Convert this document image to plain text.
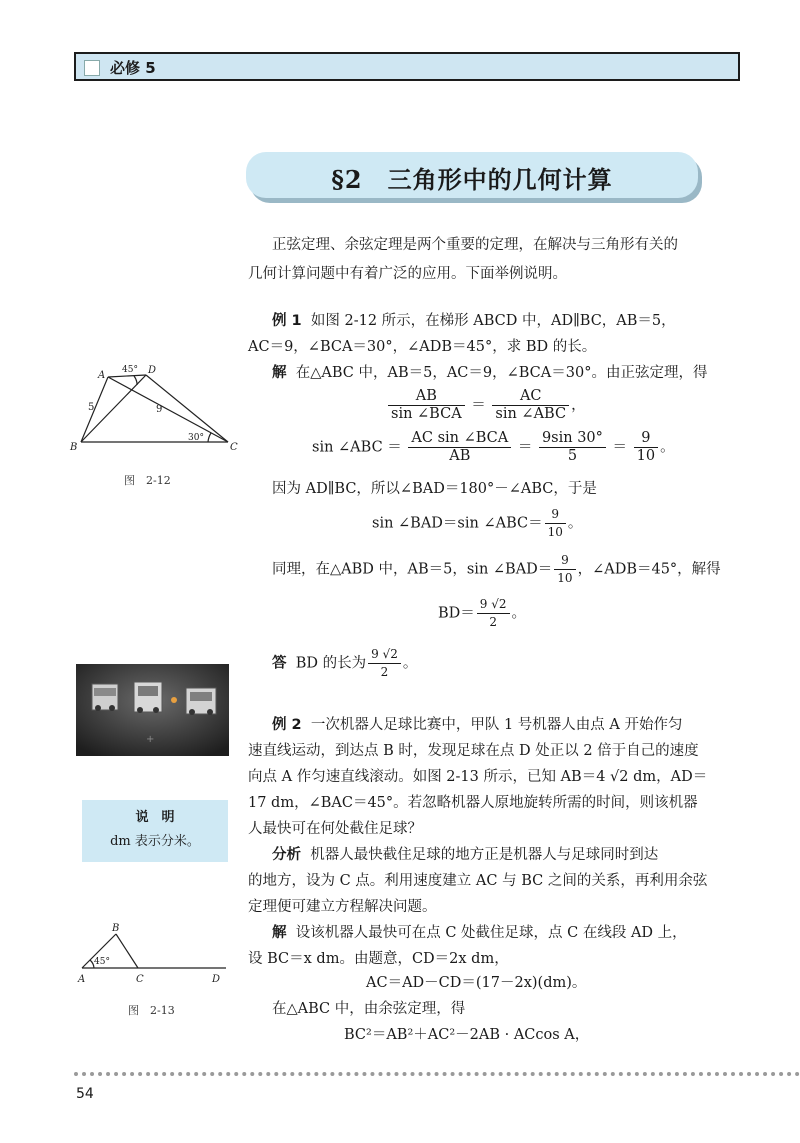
必修 5
§2　三角形中的几何计算
正弦定理、余弦定理是两个重要的定理，在解决与三角形有关的
几何计算问题中有着广泛的应用。下面举例说明。
例 1 如图 2-12 所示，在梯形 ABCD 中，AD∥BC，AB＝5，
AC＝9，∠BCA＝30°，∠ADB＝45°，求 BD 的长。
解 在△ABC 中，AB＝5，AC＝9，∠BCA＝30°。由正弦定理，得
$\frac{AB}{\text{sin ∠BCA}} = \frac{AC}{\text{sin ∠ABC}}$ ，
sin ∠ABC ＝ $\frac{\text{AC sin ∠BCA}}{AB} = \frac{9\sin 30^\circ}{5} = \frac{9}{10}$ 。
因为 AD∥BC，所以∠BAD＝180°－∠ABC，于是
sin ∠BAD＝sin ∠ABC＝ $\frac{9}{10}$ 。
同理，在△ABD 中，AB＝5，sin ∠BAD＝ $\frac{9}{10}$ ，∠ADB＝45°，解得
$BD= \frac{9 √2}{2}$ 。
答 BD 的长为 $\frac{9 √2}{2}$ 。
A	D
B	C
45°
30°
5	9
图　2-12
+
例 2 一次机器人足球比赛中，甲队 1 号机器人由点 A 开始作匀
速直线运动，到达点 B 时，发现足球在点 D 处正以 2 倍于自己的速度
向点 A 作匀速直线滚动。如图 2-13 所示，已知 AB＝4 √2 dm，AD＝
17 dm，∠BAC＝45°。若忽略机器人原地旋转所需的时间，则该机器
人最快可在何处截住足球？
分析 机器人最快截住足球的地方正是机器人与足球同时到达
的地方，设为 C 点。利用速度建立 AC 与 BC 之间的关系，再利用余弦
定理便可建立方程解决问题。
解 设该机器人最快可在点 C 处截住足球，点 C 在线段 AD 上，
设 BC＝x dm。由题意，CD＝2x dm，
AC＝AD－CD＝(17－2x)(dm)。
在△ABC 中，由余弦定理，得
BC²＝AB²＋AC²－2AB · ACcos A，
说　明
dm 表示分米。
A
B
C	D
45°
图　2-13
54
